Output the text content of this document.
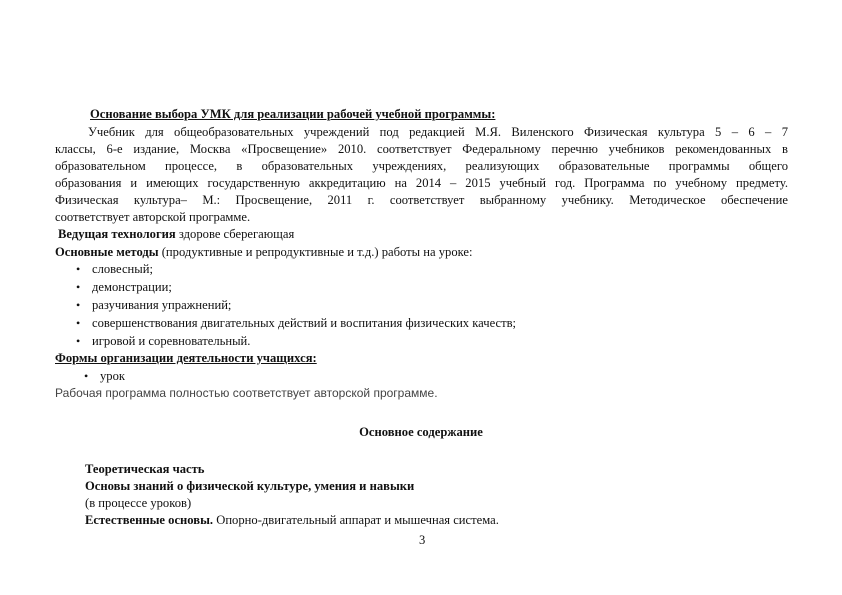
Основание выбора УМК для реализации рабочей учебной программы:
Учебник для общеобразовательных учреждений под редакцией М.Я. Виленского Физическая культура 5 – 6 – 7
классы, 6-е издание, Москва «Просвещение» 2010. соответствует Федеральному перечню учебников рекомендованных в
образовательном процессе, в образовательных учреждениях, реализующих образовательные программы общего
образования и имеющих государственную аккредитацию на 2014 – 2015 учебный год. Программа по учебному предмету.
Физическая культура– М.: Просвещение, 2011 г. соответствует выбранному учебнику. Методическое обеспечение
соответствует авторской программе.
Ведущая технология здорове сберегающая
Основные методы (продуктивные и репродуктивные и т.д.) работы на уроке:
• словесный;
• демонстрации;
• разучивания упражнений;
• совершенствования двигательных действий и воспитания физических качеств;
• игровой и соревновательный.
Формы организации деятельности учащихся:
• урок
Рабочая программа полностью соответствует авторской программе.
Основное содержание
Теоретическая часть
Основы знаний о физической культуре, умения и навыки
(в процессе уроков)
Естественные основы. Опорно-двигательный аппарат и мышечная система.
3
